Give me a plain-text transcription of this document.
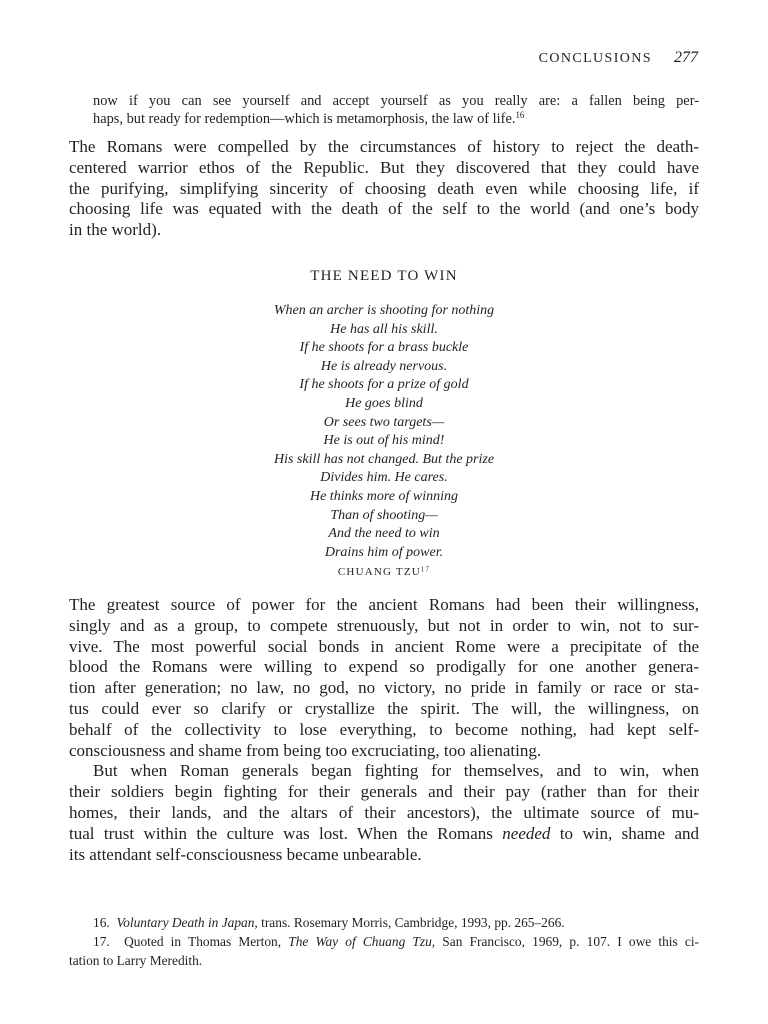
CONCLUSIONS 277
now if you can see yourself and accept yourself as you really are: a fallen being per-
haps, but ready for redemption—which is metamorphosis, the law of life.$^{16}$
The Romans were compelled by the circumstances of history to reject the death-
centered warrior ethos of the Republic. But they discovered that they could have
the purifying, simplifying sincerity of choosing death even while choosing life, if
choosing life was equated with the death of the self to the world (and one’s body
in the world).
THE NEED TO WIN
When an archer is shooting for nothing
He has all his skill.
If he shoots for a brass buckle
He is already nervous.
If he shoots for a prize of gold
He goes blind
Or sees two targets—
He is out of his mind!
His skill has not changed. But the prize
Divides him. He cares.
He thinks more of winning
Than of shooting—
And the need to win
Drains him of power.
CHUANG TZU$^{17}$
The greatest source of power for the ancient Romans had been their willingness,
singly and as a group, to compete strenuously, but not in order to win, not to sur-
vive. The most powerful social bonds in ancient Rome were a precipitate of the
blood the Romans were willing to expend so prodigally for one another genera-
tion after generation; no law, no god, no victory, no pride in family or race or sta-
tus could ever so clarify or crystallize the spirit. The will, the willingness, on
behalf of the collectivity to lose everything, to become nothing, had kept self-
consciousness and shame from being too excruciating, too alienating.
But when Roman generals began fighting for themselves, and to win, when
their soldiers begin fighting for their generals and their pay (rather than for their
homes, their lands, and the altars of their ancestors), the ultimate source of mu-
tual trust within the culture was lost. When the Romans needed to win, shame and
its attendant self-consciousness became unbearable.
16. Voluntary Death in Japan, trans. Rosemary Morris, Cambridge, 1993, pp. 265–266.
17. Quoted in Thomas Merton, The Way of Chuang Tzu, San Francisco, 1969, p. 107. I owe this ci-
tation to Larry Meredith.
